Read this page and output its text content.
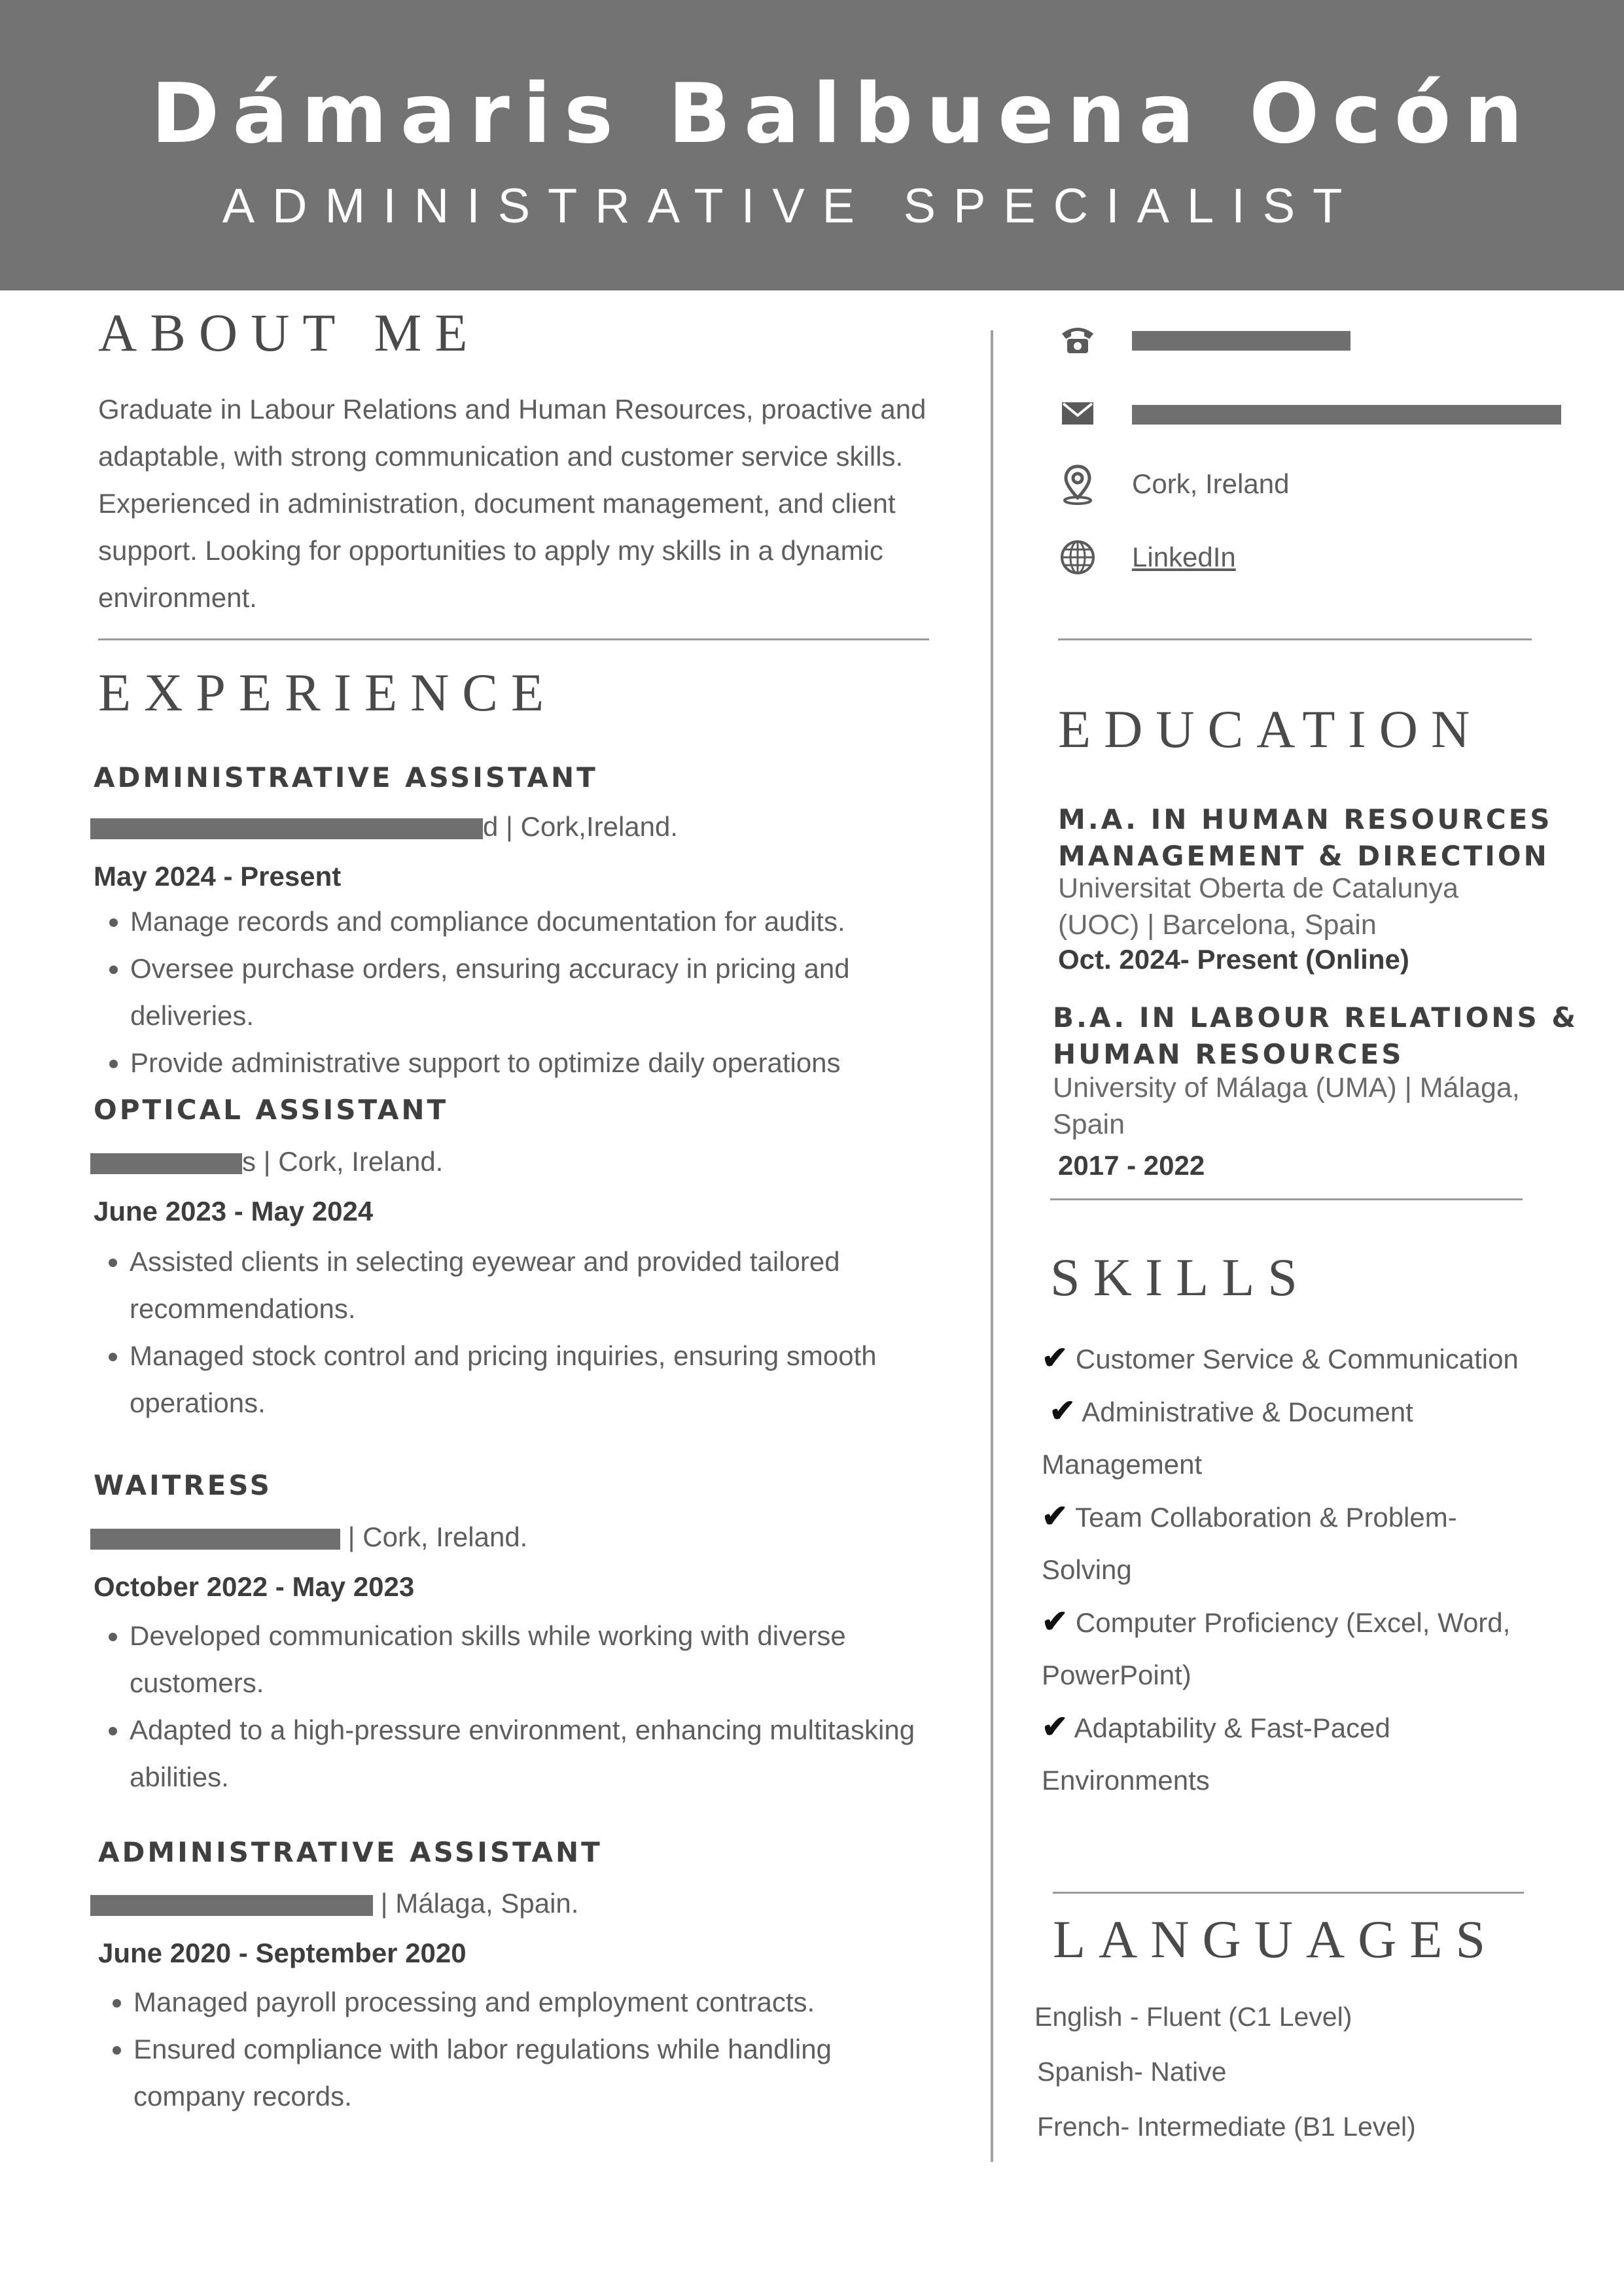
Dámaris Balbuena Ocón
ADMINISTRATIVE SPECIALIST
ABOUT ME
Graduate in Labour Relations and Human Resources, proactive and
adaptable, with strong communication and customer service skills.
Experienced in administration, document management, and client
support. Looking for opportunities to apply my skills in a dynamic
environment.
EXPERIENCE
ADMINISTRATIVE ASSISTANT
d | Cork,Ireland.
May 2024 - Present
• Manage records and compliance documentation for audits.
• Oversee purchase orders, ensuring accuracy in pricing and
deliveries.
• Provide administrative support to optimize daily operations
OPTICAL ASSISTANT
s | Cork, Ireland.
June 2023 - May 2024
• Assisted clients in selecting eyewear and provided tailored
recommendations.
• Managed stock control and pricing inquiries, ensuring smooth
operations.
WAITRESS
| Cork, Ireland.
October 2022 - May 2023
• Developed communication skills while working with diverse
customers.
• Adapted to a high-pressure environment, enhancing multitasking
abilities.
ADMINISTRATIVE ASSISTANT
| Málaga, Spain.
June 2020 - September 2020
• Managed payroll processing and employment contracts.
• Ensured compliance with labor regulations while handling
company records.
Cork, Ireland
LinkedIn
EDUCATION
M.A. IN HUMAN RESOURCES
MANAGEMENT & DIRECTION
Universitat Oberta de Catalunya
(UOC) | Barcelona, Spain
Oct. 2024- Present (Online)
B.A. IN LABOUR RELATIONS &
HUMAN RESOURCES
University of Málaga (UMA) | Málaga,
Spain
2017 - 2022
SKILLS
✔ Customer Service & Communication
✔ Administrative & Document
Management
✔ Team Collaboration & Problem-
Solving
✔ Computer Proficiency (Excel, Word,
PowerPoint)
✔ Adaptability & Fast-Paced
Environments
LANGUAGES
English - Fluent (C1 Level)
Spanish- Native
French- Intermediate (B1 Level)
